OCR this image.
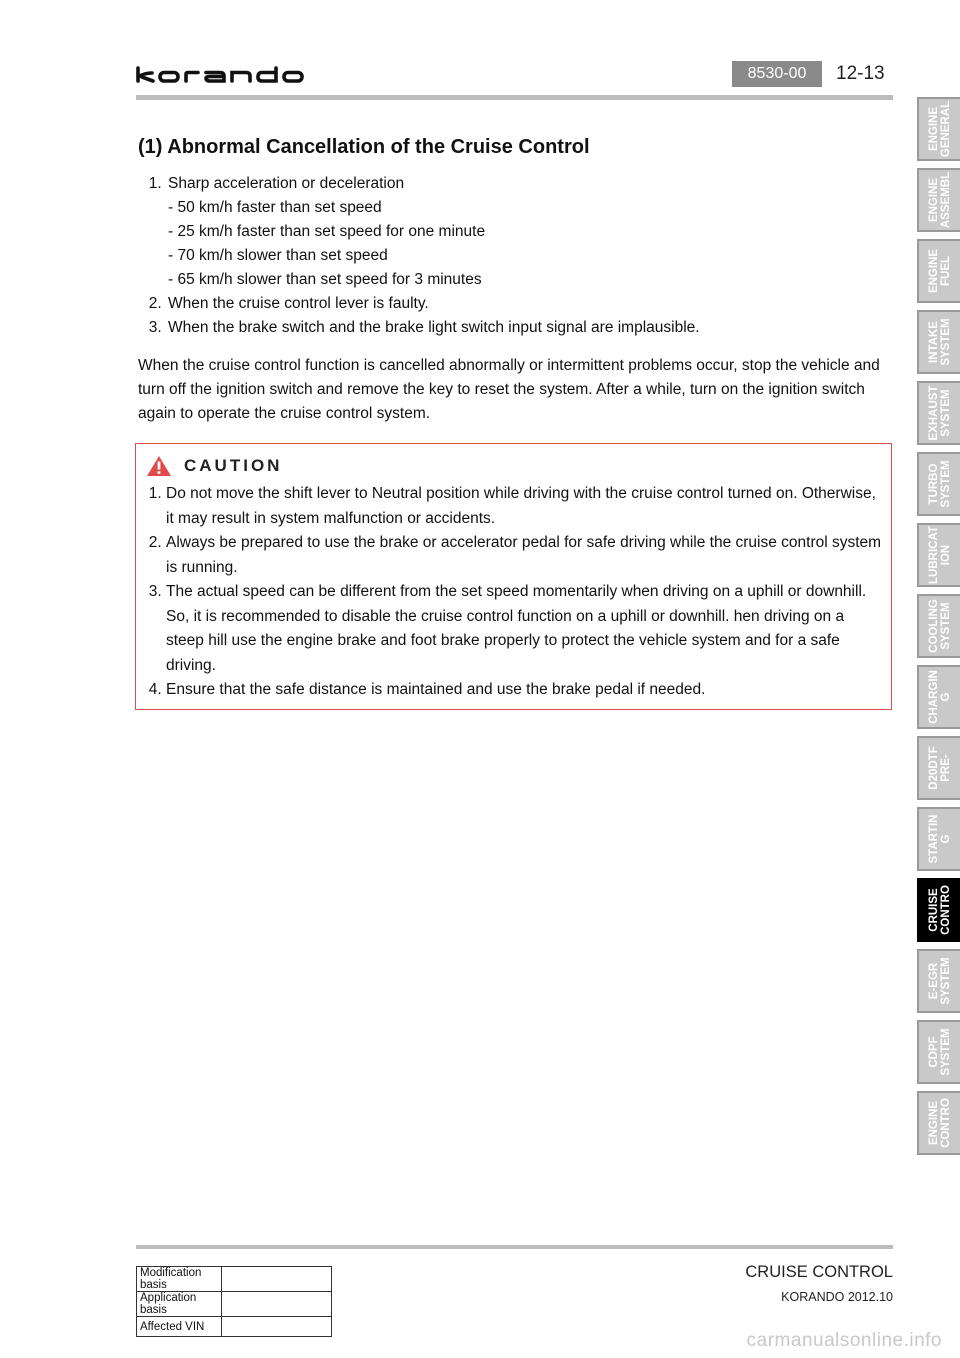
8530-00	12-13
(1) Abnormal Cancellation of the Cruise Control
1. Sharp acceleration or deceleration
- 50 km/h faster than set speed
- 25 km/h faster than set speed for one minute
- 70 km/h slower than set speed
- 65 km/h slower than set speed for 3 minutes
2. When the cruise control lever is faulty.
3. When the brake switch and the brake light switch input signal are implausible.

When the cruise control function is cancelled abnormally or intermittent problems occur, stop the vehicle and turn off the ignition switch and remove the key to reset the system. After a while, turn on the ignition switch again to operate the cruise control system.

CAUTION
1. Do not move the shift lever to Neutral position while driving with the cruise control turned on. Otherwise, it may result in system malfunction or accidents.
2. Always be prepared to use the brake or accelerator pedal for safe driving while the cruise control system is running.
3. The actual speed can be different from the set speed momentarily when driving on a uphill or downhill. So, it is recommended to disable the cruise control function on a uphill or downhill. hen driving on a steep hill use the engine brake and foot brake properly to protect the vehicle system and for a safe driving.
4. Ensure that the safe distance is maintained and use the brake pedal if needed.
ENGINE
GENERAL
ENGINE
ASSEMBL
ENGINE
FUEL
INTAKE
SYSTEM
EXHAUST
SYSTEM
TURBO
SYSTEM
LUBRICAT
ION
COOLING
SYSTEM
CHARGIN
G
D20DTF
PRE-
STARTIN
G
CRUISE
CONTRO
E-EGR
SYSTEM
CDPF
SYSTEM
ENGINE
CONTRO
CRUISE CONTROL
KORANDO 2012.10
Modification basis	
Application basis	
Affected VIN	
carmanualsonline.info
